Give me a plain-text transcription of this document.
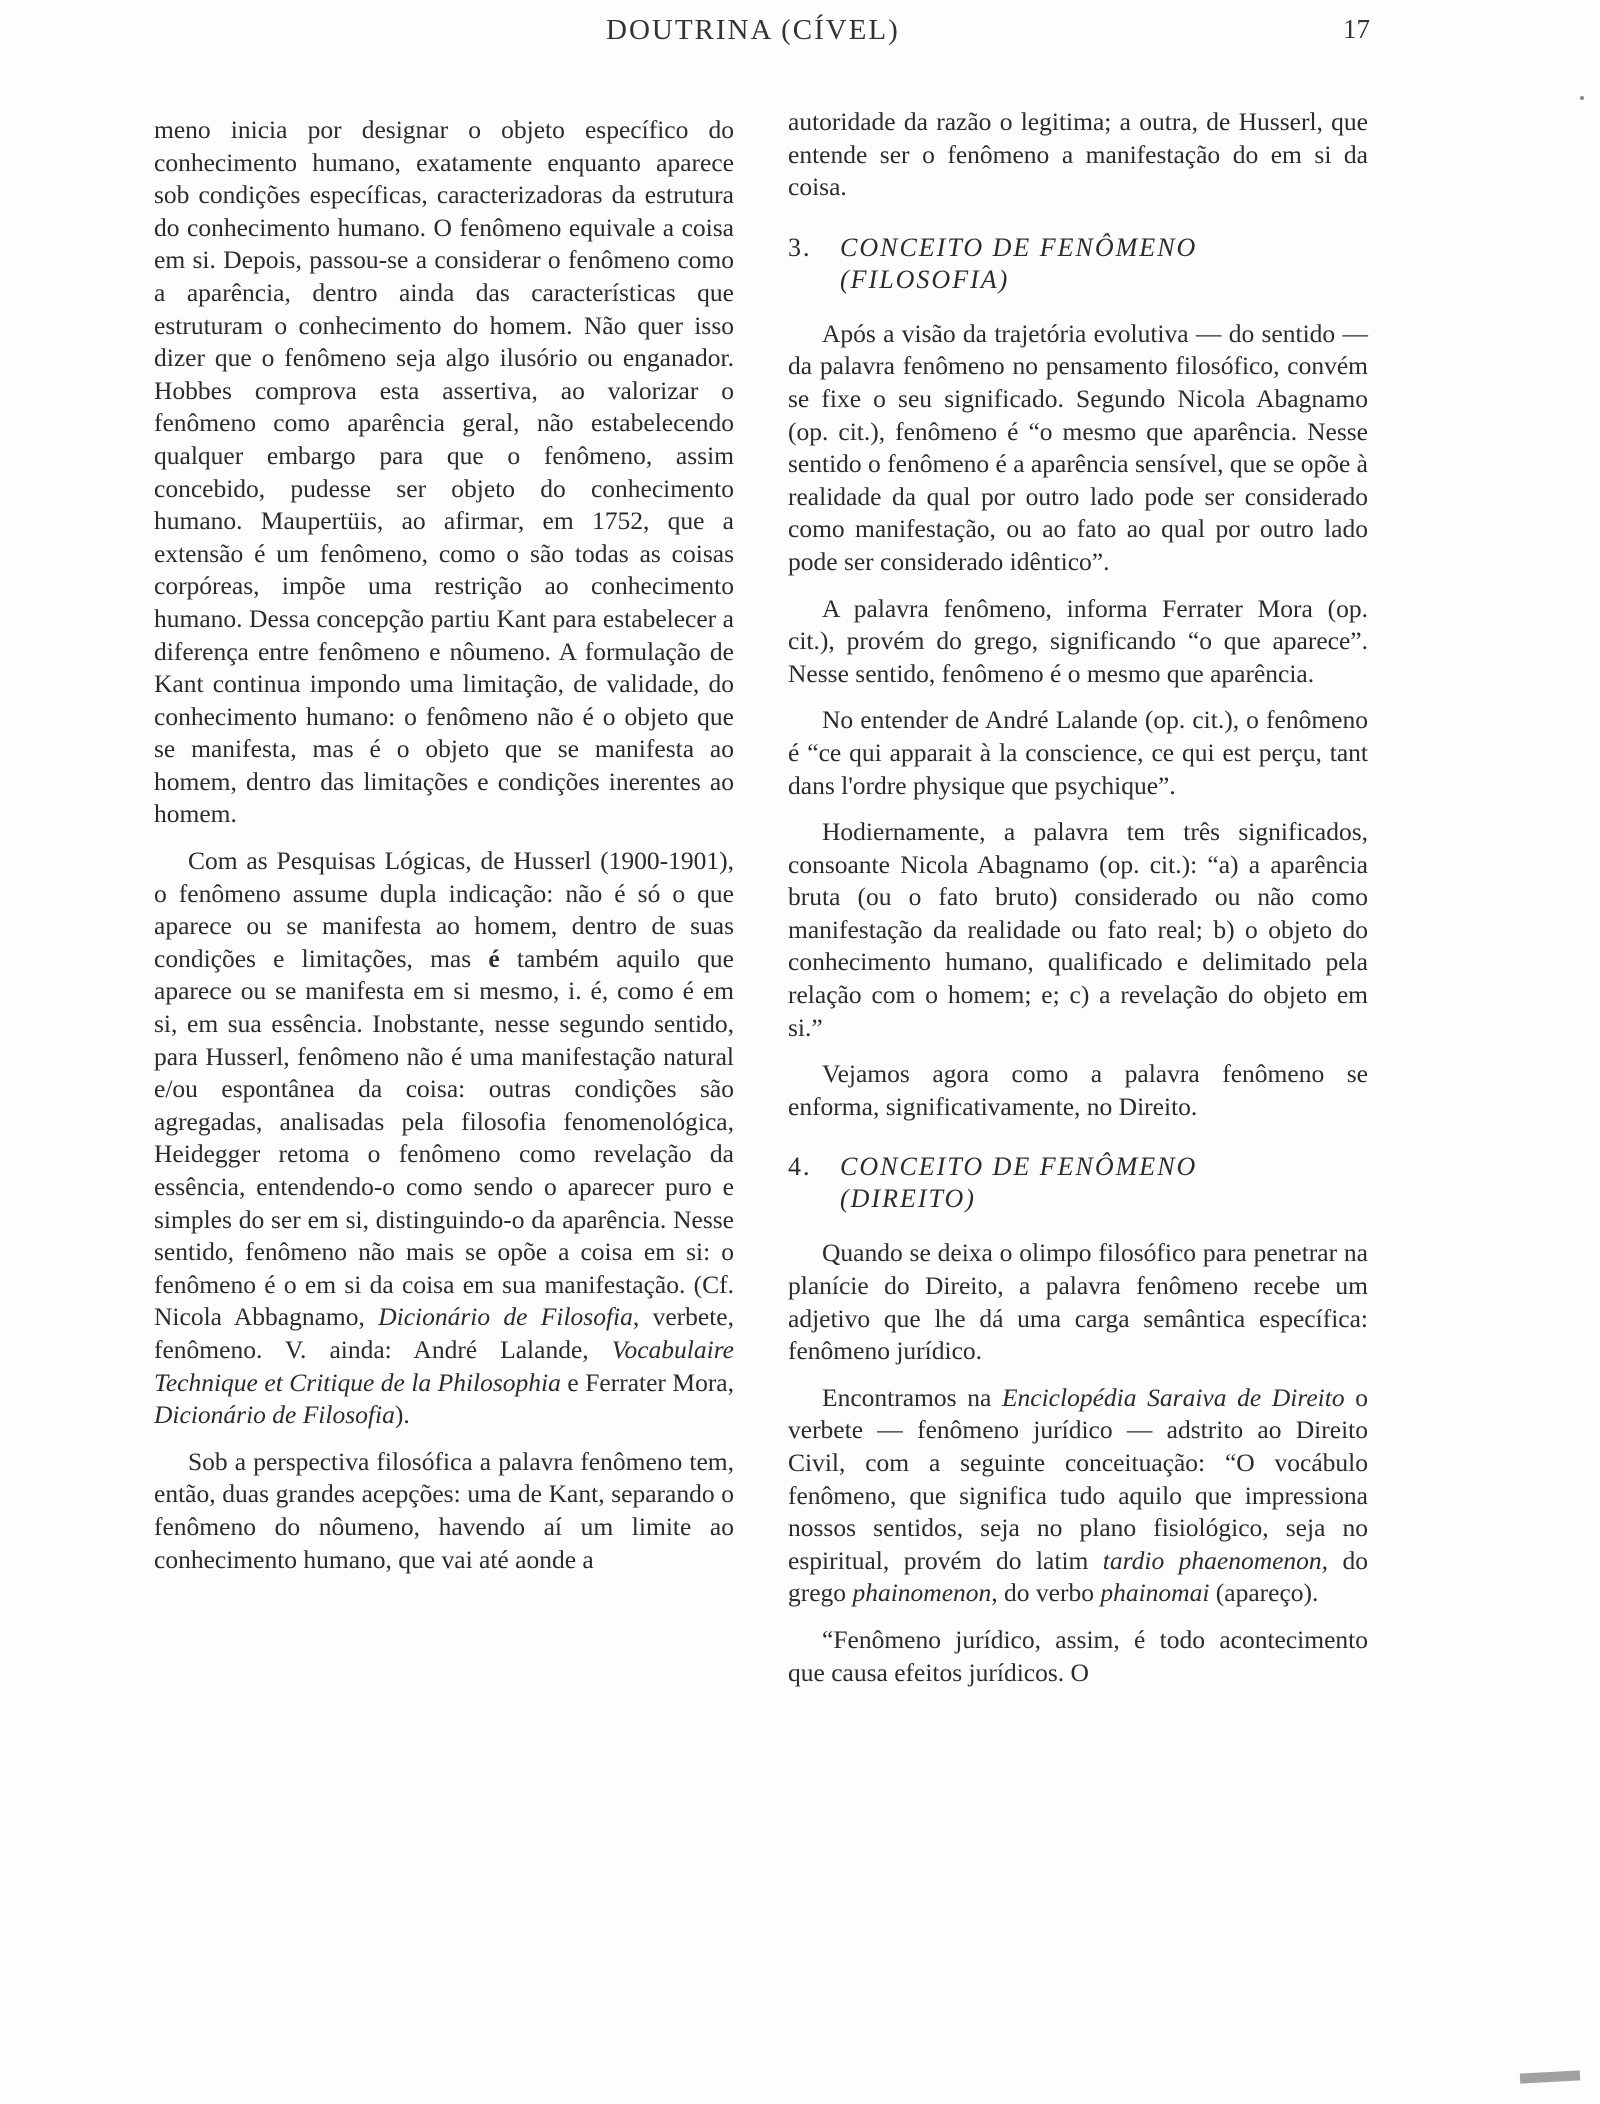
DOUTRINA (CÍVEL)	17

meno inicia por designar o objeto específico do conhecimento humano, exatamente enquanto aparece sob condições específicas, caracterizadoras da estrutura do conhecimento humano. O fenômeno equivale a coisa em si. Depois, passou-se a considerar o fenômeno como a aparência, dentro ainda das características que estruturam o conhecimento do homem. Não quer isso dizer que o fenômeno seja algo ilusório ou enganador. Hobbes comprova esta assertiva, ao valorizar o fenômeno como aparência geral, não estabelecendo qualquer embargo para que o fenômeno, assim concebido, pudesse ser objeto do conhecimento humano. Maupertüis, ao afirmar, em 1752, que a extensão é um fenômeno, como o são todas as coisas corpóreas, impõe uma restrição ao conhecimento humano. Dessa concepção partiu Kant para estabelecer a diferença entre fenômeno e nôumeno. A formulação de Kant continua impondo uma limitação, de validade, do conhecimento humano: o fenômeno não é o objeto que se manifesta, mas é o objeto que se manifesta ao homem, dentro das limitações e condições inerentes ao homem.

Com as Pesquisas Lógicas, de Husserl (1900-1901), o fenômeno assume dupla indicação: não é só o que aparece ou se manifesta ao homem, dentro de suas condições e limitações, mas é também aquilo que aparece ou se manifesta em si mesmo, i. é, como é em si, em sua essência. Inobstante, nesse segundo sentido, para Husserl, fenômeno não é uma manifestação natural e/ou espontânea da coisa: outras condições são agregadas, analisadas pela filosofia fenomenológica, Heidegger retoma o fenômeno como revelação da essência, entendendo-o como sendo o aparecer puro e simples do ser em si, distinguindo-o da aparência. Nesse sentido, fenômeno não mais se opõe a coisa em si: o fenômeno é o em si da coisa em sua manifestação. (Cf. Nicola Abbagnamo, Dicionário de Filosofia, verbete, fenômeno. V. ainda: André Lalande, Vocabulaire Technique et Critique de la Philosophia e Ferrater Mora, Dicionário de Filosofia).

Sob a perspectiva filosófica a palavra fenômeno tem, então, duas grandes acepções: uma de Kant, separando o fenômeno do nôumeno, havendo aí um limite ao conhecimento humano, que vai até aonde a

autoridade da razão o legitima; a outra, de Husserl, que entende ser o fenômeno a manifestação do em si da coisa.

3.	CONCEITO DE FENÔMENO
(FILOSOFIA)

Após a visão da trajetória evolutiva — do sentido — da palavra fenômeno no pensamento filosófico, convém se fixe o seu significado. Segundo Nicola Abagnamo (op. cit.), fenômeno é “o mesmo que aparência. Nesse sentido o fenômeno é a aparência sensível, que se opõe à realidade da qual por outro lado pode ser considerado como manifestação, ou ao fato ao qual por outro lado pode ser considerado idêntico”.

A palavra fenômeno, informa Ferrater Mora (op. cit.), provém do grego, significando “o que aparece”. Nesse sentido, fenômeno é o mesmo que aparência.

No entender de André Lalande (op. cit.), o fenômeno é “ce qui apparait à la conscience, ce qui est perçu, tant dans l'ordre physique que psychique”.

Hodiernamente, a palavra tem três significados, consoante Nicola Abagnamo (op. cit.): “a) a aparência bruta (ou o fato bruto) considerado ou não como manifestação da realidade ou fato real; b) o objeto do conhecimento humano, qualificado e delimitado pela relação com o homem; e; c) a revelação do objeto em si.”

Vejamos agora como a palavra fenômeno se enforma, significativamente, no Direito.

4.	CONCEITO DE FENÔMENO
(DIREITO)

Quando se deixa o olimpo filosófico para penetrar na planície do Direito, a palavra fenômeno recebe um adjetivo que lhe dá uma carga semântica específica: fenômeno jurídico.

Encontramos na Enciclopédia Saraiva de Direito o verbete — fenômeno jurídico — adstrito ao Direito Civil, com a seguinte conceituação: “O vocábulo fenômeno, que significa tudo aquilo que impressiona nossos sentidos, seja no plano fisiológico, seja no espiritual, provém do latim tardio phaenomenon, do grego phainomenon, do verbo phainomai (apareço).

“Fenômeno jurídico, assim, é todo acontecimento que causa efeitos jurídicos. O
